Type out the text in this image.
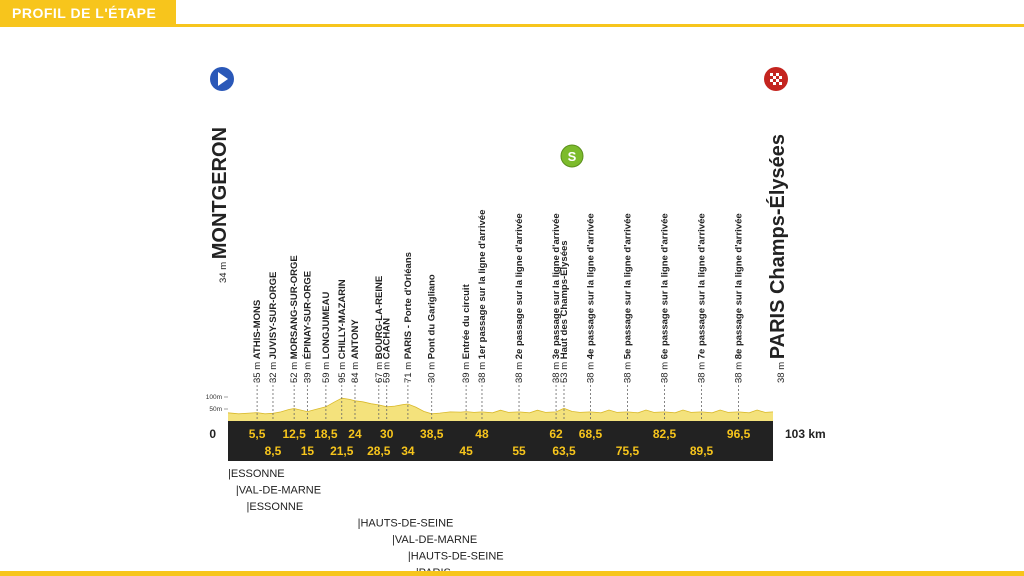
PROFIL DE L'ÉTAPE
100m
50m
0	103 km
5,5
35 m ATHIS-MONS
8,5
32 m JUVISY-SUR-ORGE
12,5
52 m MORSANG-SUR-ORGE
15
39 m ÉPINAY-SUR-ORGE
18,5
59 m LONGJUMEAU
21,5
95 m CHILLY-MAZARIN
24
84 m ANTONY
28,5
67 m BOURG-LA-REINE
30
59 m CACHAN
34
71 m PARIS - Porte d'Orléans
38,5
30 m Pont du Garigliano
45
39 m Entrée du circuit
48
38 m 1er passage sur la ligne d'arrivée
55
38 m 2e passage sur la ligne d'arrivée
62
38 m 3e passage sur la ligne d'arrivée
63,5
53 m Haut des Champs-Élysées
68,5
38 m 4e passage sur la ligne d'arrivée
75,5
38 m 5e passage sur la ligne d'arrivée
82,5
38 m 6e passage sur la ligne d'arrivée
89,5
38 m 7e passage sur la ligne d'arrivée
96,5
38 m 8e passage sur la ligne d'arrivée
34 m MONTGERON
38 m PARIS Champs-Élysées
S
|ESSONNE
|VAL-DE-MARNE
|ESSONNE
|HAUTS-DE-SEINE
|VAL-DE-MARNE
|HAUTS-DE-SEINE
